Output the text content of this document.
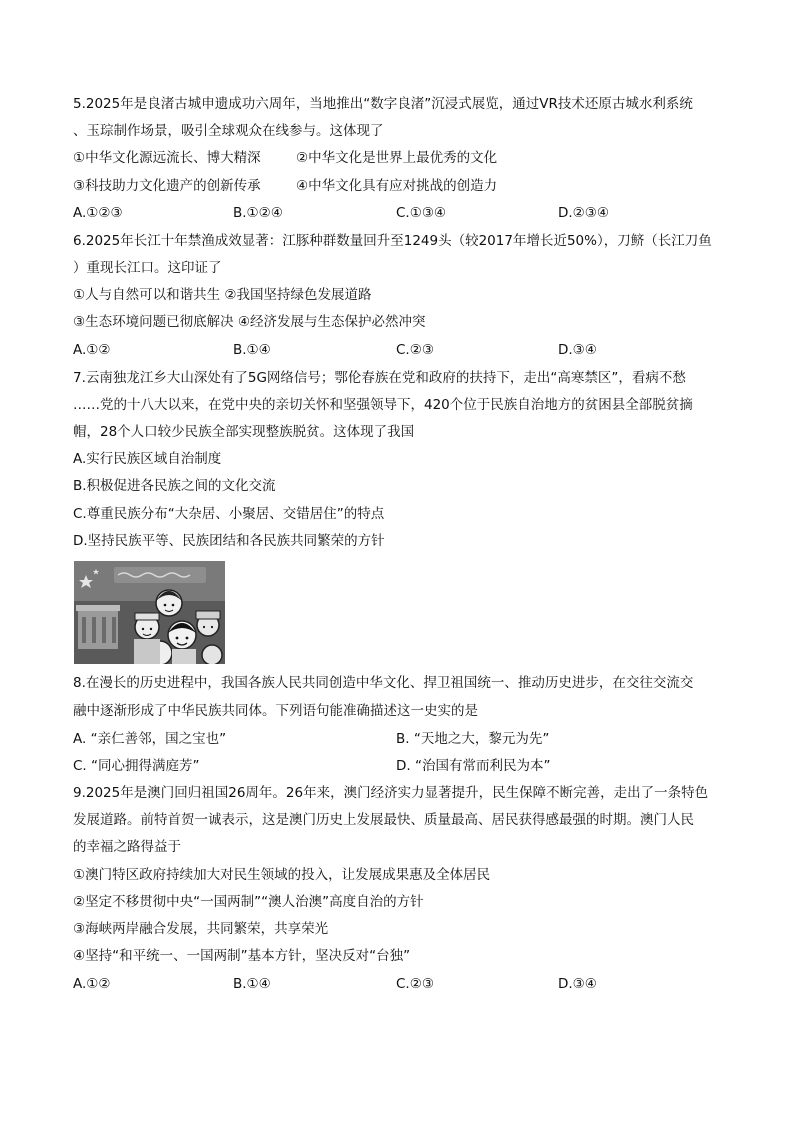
5.2025年是良渚古城申遗成功六周年，当地推出“数字良渚”沉浸式展览，通过VR技术还原古城水利系统
、玉琮制作场景，吸引全球观众在线参与。这体现了
①中华文化源远流长、博大精深	②中华文化是世界上最优秀的文化
③科技助力文化遗产的创新传承	④中华文化具有应对挑战的创造力
A.①②③	B.①②④	C.①③④	D.②③④
6.2025年长江十年禁渔成效显著：江豚种群数量回升至1249头（较2017年增长近50%），刀鲚（长江刀鱼
）重现长江口。这印证了
①人与自然可以和谐共生 ②我国坚持绿色发展道路
③生态环境问题已彻底解决 ④经济发展与生态保护必然冲突
A.①②	B.①④	C.②③	D.③④
7.云南独龙江乡大山深处有了5G网络信号；鄂伦春族在党和政府的扶持下，走出“高寒禁区”，看病不愁
……党的十八大以来，在党中央的亲切关怀和坚强领导下，420个位于民族自治地方的贫困县全部脱贫摘
帽，28个人口较少民族全部实现整族脱贫。这体现了我国
A.实行民族区域自治制度
B.积极促进各民族之间的文化交流
C.尊重民族分布“大杂居、小聚居、交错居住”的特点
D.坚持民族平等、民族团结和各民族共同繁荣的方针
8.在漫长的历史进程中，我国各族人民共同创造中华文化、捍卫祖国统一、推动历史进步，在交往交流交
融中逐渐形成了中华民族共同体。下列语句能准确描述这一史实的是
A. “亲仁善邻，国之宝也”	B. “天地之大，黎元为先”
C. “同心拥得满庭芳”	D. “治国有常而利民为本”
9.2025年是澳门回归祖国26周年。26年来，澳门经济实力显著提升，民生保障不断完善，走出了一条特色
发展道路。前特首贺一诚表示，这是澳门历史上发展最快、质量最高、居民获得感最强的时期。澳门人民
的幸福之路得益于
①澳门特区政府持续加大对民生领域的投入，让发展成果惠及全体居民
②坚定不移贯彻中央“一国两制”“澳人治澳”高度自治的方针
③海峡两岸融合发展，共同繁荣，共享荣光
④坚持“和平统一、一国两制”基本方针，坚决反对“台独”
A.①②	B.①④	C.②③	D.③④
